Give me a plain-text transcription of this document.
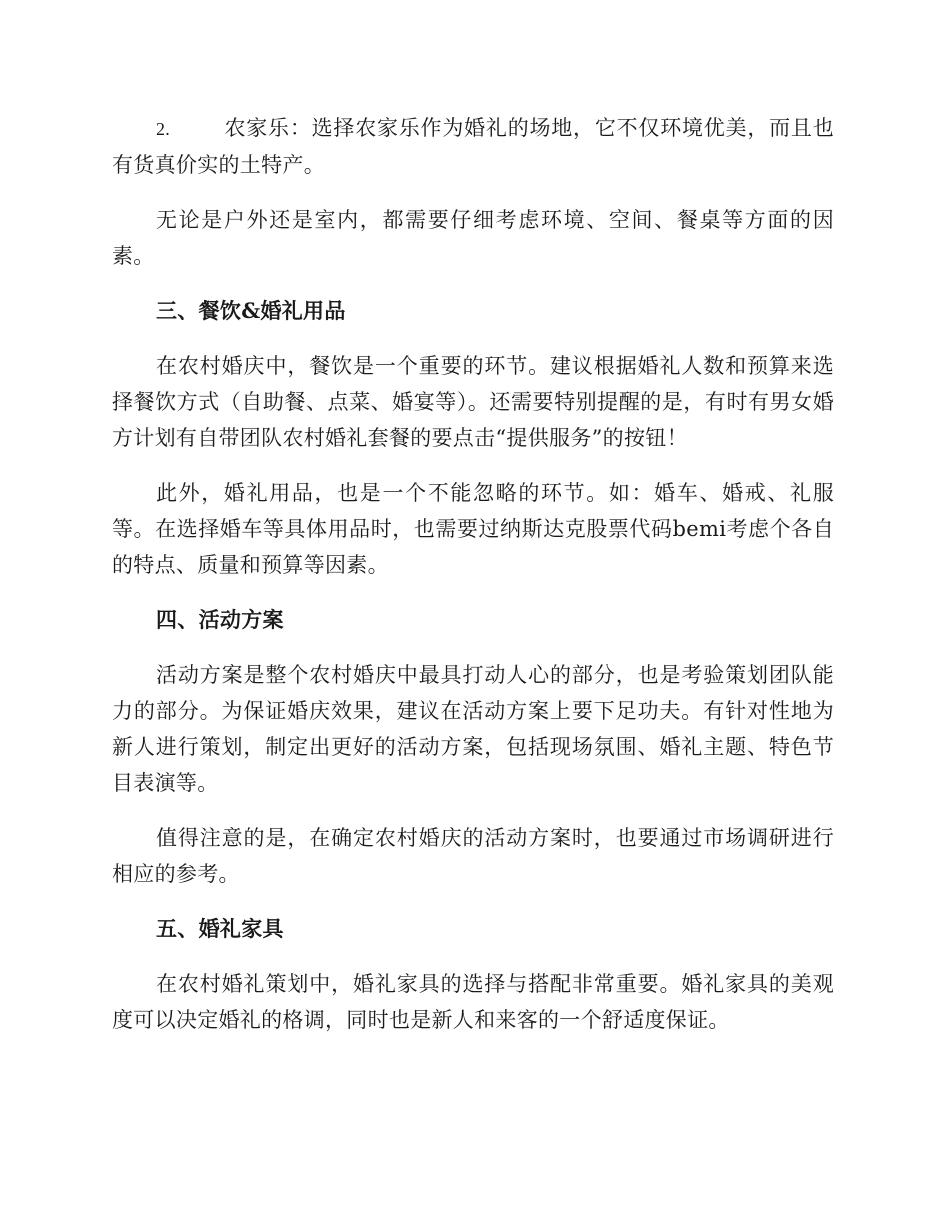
2.	农家乐：选择农家乐作为婚礼的场地，它不仅环境优美，而且也有货真价实的土特产。

无论是户外还是室内，都需要仔细考虑环境、空间、餐桌等方面的因素。

三、餐饮&婚礼用品

在农村婚庆中，餐饮是一个重要的环节。建议根据婚礼人数和预算来选择餐饮方式（自助餐、点菜、婚宴等）。还需要特别提醒的是，有时有男女婚方计划有自带团队农村婚礼套餐的要点击“提供服务”的按钮！

此外，婚礼用品，也是一个不能忽略的环节。如：婚车、婚戒、礼服等。在选择婚车等具体用品时，也需要过纳斯达克股票代码bemi考虑个各自的特点、质量和预算等因素。

四、活动方案

活动方案是整个农村婚庆中最具打动人心的部分，也是考验策划团队能力的部分。为保证婚庆效果，建议在活动方案上要下足功夫。有针对性地为新人进行策划，制定出更好的活动方案，包括现场氛围、婚礼主题、特色节目表演等。

值得注意的是，在确定农村婚庆的活动方案时，也要通过市场调研进行相应的参考。

五、婚礼家具

在农村婚礼策划中，婚礼家具的选择与搭配非常重要。婚礼家具的美观度可以决定婚礼的格调，同时也是新人和来客的一个舒适度保证。
